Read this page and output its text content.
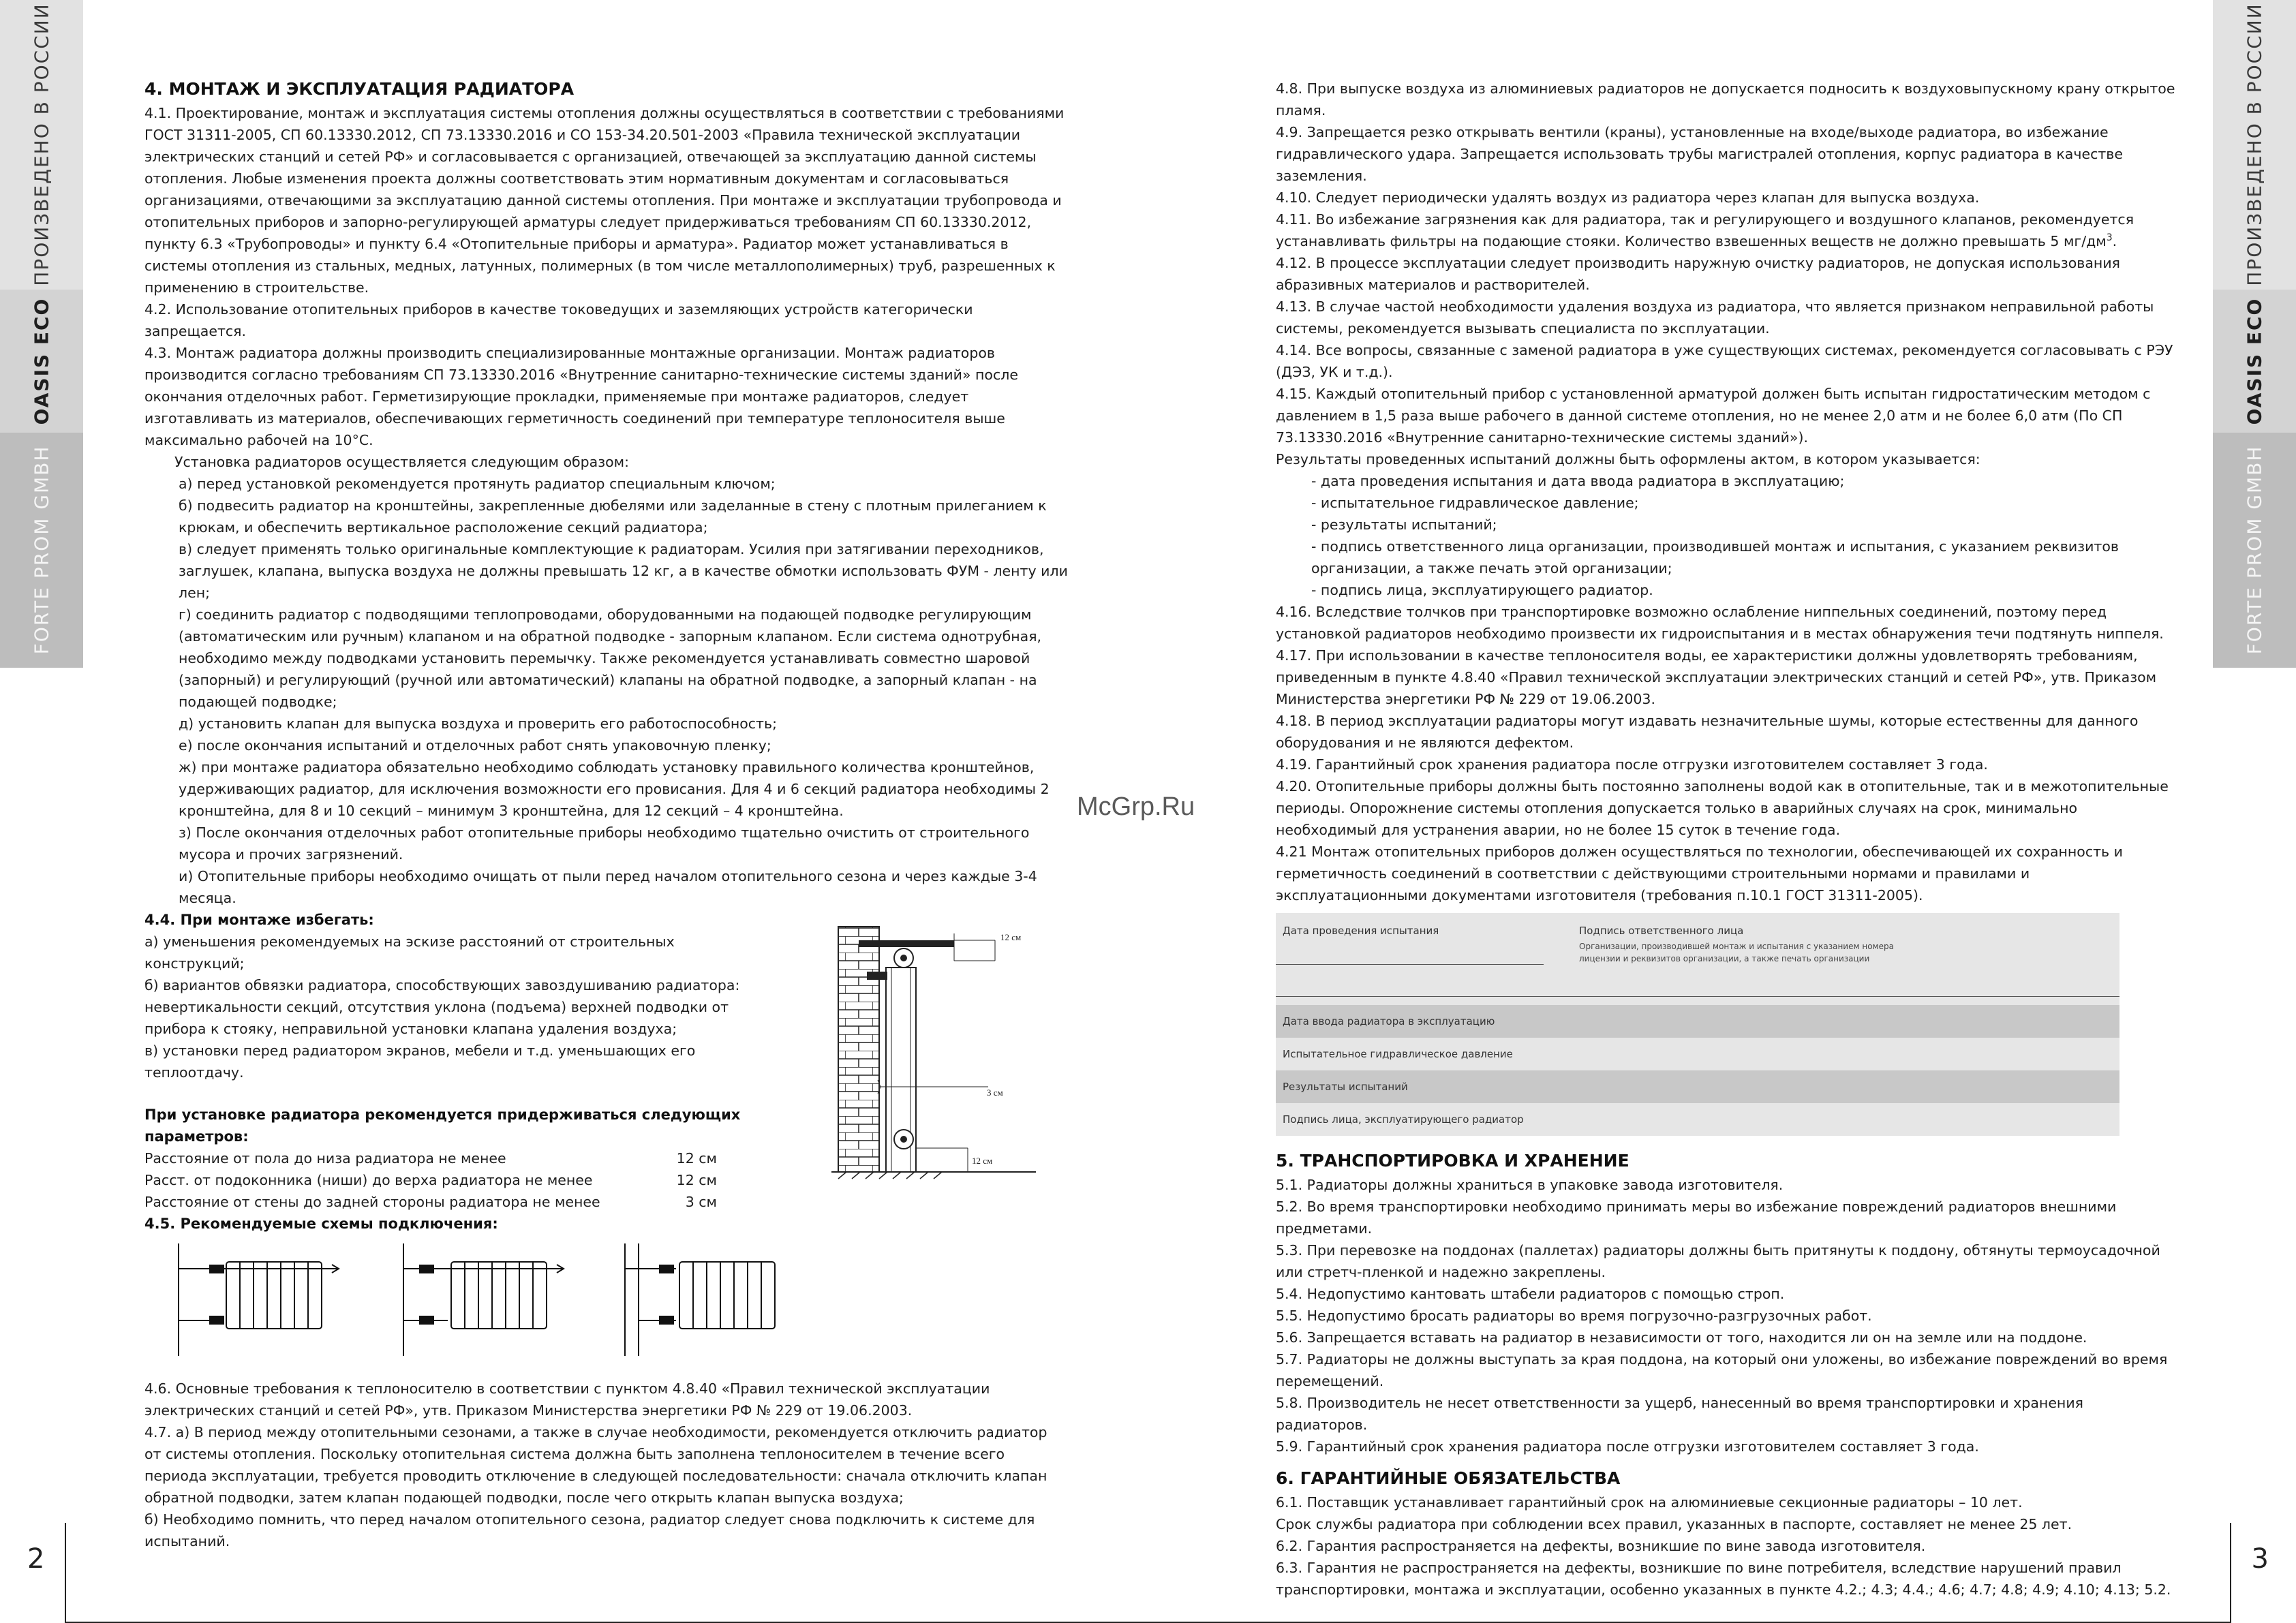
ПРОИЗВЕДЕНО В РОССИИ
OASIS ECO
FORTE PROM GMBH
4. МОНТАЖ И ЭКСПЛУАТАЦИЯ РАДИАТОРА

4.1. Проектирование, монтаж и эксплуатация системы отопления должны осуществляться в соответствии с требованиями ГОСТ 31311-2005, СП 60.13330.2012, СП 73.13330.2016 и СО 153-34.20.501-2003 «Правила технической эксплуатации электрических станций и сетей РФ» и согласовывается с организацией, отвечающей за эксплуатацию данной системы отопления. Любые изменения проекта должны соответствовать этим нормативным документам и согласовываться организациями, отвечающими за эксплуатацию данной системы отопления. При монтаже и эксплуатации трубопровода и отопительных приборов и запорно-регулирующей арматуры следует придерживаться требованиям СП 60.13330.2012, пункту 6.3 «Трубопроводы» и пункту 6.4 «Отопительные приборы и арматура». Радиатор может устанавливаться в системы отопления из стальных, медных, латунных, полимерных (в том числе металлополимерных) труб, разрешенных к применению в строительстве.

4.2. Использование отопительных приборов в качестве токоведущих и заземляющих устройств категорически запрещается.

4.3. Монтаж радиатора должны производить специализированные монтажные организации. Монтаж радиаторов производится согласно требованиям СП 73.13330.2016 «Внутренние санитарно-технические системы зданий» после окончания отделочных работ. Герметизирующие прокладки, применяемые при монтаже радиаторов, следует изготавливать из материалов, обеспечивающих герметичность соединений при температуре теплоносителя выше максимально рабочей на 10°С.

Установка радиаторов осуществляется следующим образом:

а) перед установкой рекомендуется протянуть радиатор специальным ключом;

б) подвесить радиатор на кронштейны, закрепленные дюбелями или заделанные в стену с плотным прилеганием к крюкам, и обеспечить вертикальное расположение секций радиатора;

в) следует применять только оригинальные комплектующие к радиаторам. Усилия при затягивании переходников, заглушек, клапана, выпуска воздуха не должны превышать 12 кг, а в качестве обмотки использовать ФУМ - ленту или лен;

г) соединить радиатор с подводящими теплопроводами, оборудованными на подающей подводке регулирующим (автоматическим или ручным) клапаном и на обратной подводке - запорным клапаном. Если система однотрубная, необходимо между подводками установить перемычку. Также рекомендуется устанавливать совместно шаровой (запорный) и регулирующий (ручной или автоматический) клапаны на обратной подводке, а запорный клапан - на подающей подводке;

д) установить клапан для выпуска воздуха и проверить его работоспособность;

е) после окончания испытаний и отделочных работ снять упаковочную пленку;

ж) при монтаже радиатора обязательно необходимо соблюдать установку правильного количества кронштейнов, удерживающих радиатор, для исключения возможности его провисания. Для 4 и 6 секций радиатора необходимы 2 кронштейна, для 8 и 10 секций – минимум 3 кронштейна, для 12 секций – 4 кронштейна.

з) После окончания отделочных работ отопительные приборы необходимо тщательно очистить от строительного мусора и прочих загрязнений.

и) Отопительные приборы необходимо очищать от пыли перед началом отопительного сезона и через каждые 3-4 месяца.

4.4. При монтаже избегать:

а) уменьшения рекомендуемых на эскизе расстояний от строительных конструкций;

б) вариантов обвязки радиатора, способствующих завоздушиванию радиатора: невертикальности секций, отсутствия уклона (подъема) верхней подводки от прибора к стояку, неправильной установки клапана удаления воздуха;

в) установки перед радиатором экранов, мебели и т.д. уменьшающих его теплоотдачу.

При установке радиатора рекомендуется придерживаться следующих параметров:
Расстояние от пола до низа радиатора не менее	12 см
Расст. от подоконника (ниши) до верха радиатора не менее	12 см
Расстояние от стены до задней стороны радиатора не менее	3 см
4.5. Рекомендуемые схемы подключения:

4.6. Основные требования к теплоносителю в соответствии с пунктом 4.8.40 «Правил технической эксплуатации электрических станций и сетей РФ», утв. Приказом Министерства энергетики РФ № 229 от 19.06.2003.

4.7. а) В период между отопительными сезонами, а также в случае необходимости, рекомендуется отключить радиатор от системы отопления. Поскольку отопительная система должна быть заполнена теплоносителем в течение всего периода эксплуатации, требуется проводить отключение в следующей последовательности: сначала отключить клапан обратной подводки, затем клапан подающей подводки, после чего открыть клапан выпуска воздуха;

б) Необходимо помнить, что перед началом отопительного сезона, радиатор следует снова подключить к системе для испытаний.

12 см
3 см
12 см
2
McGrp.Ru
ПРОИЗВЕДЕНО В РОССИИ
OASIS ECO
FORTE PROM GMBH

4.8. При выпуске воздуха из алюминиевых радиаторов не допускается подносить к воздуховыпускному крану открытое пламя.

4.9. Запрещается резко открывать вентили (краны), установленные на входе/выходе радиатора, во избежание гидравлического удара. Запрещается использовать трубы магистралей отопления, корпус радиатора в качестве заземления.

4.10. Следует периодически удалять воздух из радиатора через клапан для выпуска воздуха.

4.11. Во избежание загрязнения как для радиатора, так и регулирующего и воздушного клапанов, рекомендуется устанавливать фильтры на подающие стояки. Количество взвешенных веществ не должно превышать 5 $мг/дм^3$.

4.12. В процессе эксплуатации следует производить наружную очистку радиаторов, не допуская использования абразивных материалов и растворителей.

4.13. В случае частой необходимости удаления воздуха из радиатора, что является признаком неправильной работы системы, рекомендуется вызывать специалиста по эксплуатации.

4.14. Все вопросы, связанные с заменой радиатора в уже существующих системах, рекомендуется согласовывать с РЭУ (ДЭЗ, УК и т.д.).

4.15. Каждый отопительный прибор с установленной арматурой должен быть испытан гидростатическим методом с давлением в 1,5 раза выше рабочего в данной системе отопления, но не менее 2,0 атм и не более 6,0 атм (По СП 73.13330.2016 «Внутренние санитарно-технические системы зданий»).

Результаты проведенных испытаний должны быть оформлены актом, в котором указывается:

- дата проведения испытания и дата ввода радиатора в эксплуатацию;

- испытательное гидравлическое давление;

- результаты испытаний;

- подпись ответственного лица организации, производившей монтаж и испытания, с указанием реквизитов организации, а также печать этой организации;

- подпись лица, эксплуатирующего радиатор.

4.16. Вследствие толчков при транспортировке возможно ослабление ниппельных соединений, поэтому перед установкой радиаторов необходимо произвести их гидроиспытания и в местах обнаружения течи подтянуть ниппеля.

4.17. При использовании в качестве теплоносителя воды, ее характеристики должны удовлетворять требованиям, приведенным в пункте 4.8.40 «Правил технической эксплуатации электрических станций и сетей РФ», утв. Приказом Министерства энергетики РФ № 229 от 19.06.2003.

4.18. В период эксплуатации радиаторы могут издавать незначительные шумы, которые естественны для данного оборудования и не являются дефектом.

4.19. Гарантийный срок хранения радиатора после отгрузки изготовителем составляет 3 года.

4.20. Отопительные приборы должны быть постоянно заполнены водой как в отопительные, так и в межотопительные периоды. Опорожнение системы отопления допускается только в аварийных случаях на срок, минимально необходимый для устранения аварии, но не более 15 суток в течение года.

4.21 Монтаж отопительных приборов должен осуществляться по технологии, обеспечивающей их сохранность и герметичность соединений в соответствии с действующими строительными нормами и правилами и эксплуатационными документами изготовителя (требования п.10.1 ГОСТ 31311-2005).

Дата проведения испытания	Подпись ответственного лица
Организации, производившей монтаж и испытания с указанием номера лицензии и реквизитов организации, а также печать организации
Дата ввода радиатора в эксплуатацию
Испытательное гидравлическое давление
Результаты испытаний
Подпись лица, эксплуатирующего радиатор
5. ТРАНСПОРТИРОВКА И ХРАНЕНИЕ

5.1. Радиаторы должны храниться в упаковке завода изготовителя.

5.2. Во время транспортировки необходимо принимать меры во избежание повреждений радиаторов внешними предметами.

5.3. При перевозке на поддонах (паллетах) радиаторы должны быть притянуты к поддону, обтянуты термоусадочной или стретч-пленкой и надежно закреплены.

5.4. Недопустимо кантовать штабели радиаторов с помощью строп.

5.5. Недопустимо бросать радиаторы во время погрузочно-разгрузочных работ.

5.6. Запрещается вставать на радиатор в независимости от того, находится ли он на земле или на поддоне.

5.7. Радиаторы не должны выступать за края поддона, на который они уложены, во избежание повреждений во время перемещений.

5.8. Производитель не несет ответственности за ущерб, нанесенный во время транспортировки и хранения радиаторов.

5.9. Гарантийный срок хранения радиатора после отгрузки изготовителем составляет 3 года.

6. ГАРАНТИЙНЫЕ ОБЯЗАТЕЛЬСТВА

6.1. Поставщик устанавливает гарантийный срок на алюминиевые секционные радиаторы – 10 лет.

Срок службы радиатора при соблюдении всех правил, указанных в паспорте, составляет не менее 25 лет.

6.2. Гарантия распространяется на дефекты, возникшие по вине завода изготовителя.

6.3. Гарантия не распространяется на дефекты, возникшие по вине потребителя, вследствие нарушений правил транспортировки, монтажа и эксплуатации, особенно указанных в пункте 4.2.; 4.3; 4.4.; 4.6; 4.7; 4.8; 4.9; 4.10; 4.13; 5.2.

3
